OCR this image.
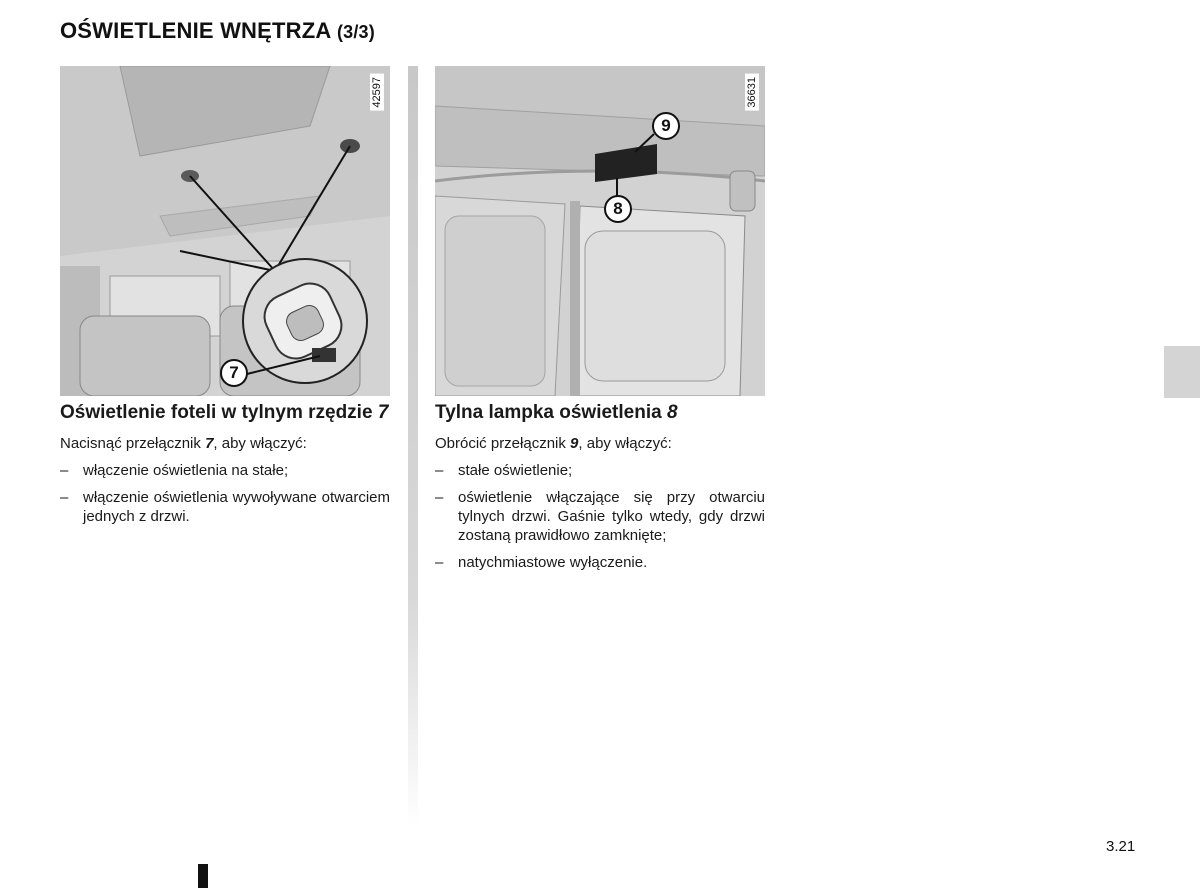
OŚWIETLENIE WNĘTRZA (3/3)
42597
7
36631
9
8
Oświetlenie foteli w tylnym rzędzie 7

Nacisnąć przełącznik 7, aby włączyć:

– włączenie oświetlenia na stałe;
– włączenie oświetlenia wywoływane otwarciem jednych z drzwi.
Tylna lampka oświetlenia 8

Obrócić przełącznik 9, aby włączyć:

– stałe oświetlenie;
– oświetlenie włączające się przy otwarciu tylnych drzwi. Gaśnie tylko wtedy, gdy drzwi zostaną prawidłowo zamknięte;
– natychmiastowe wyłączenie.
3.21
